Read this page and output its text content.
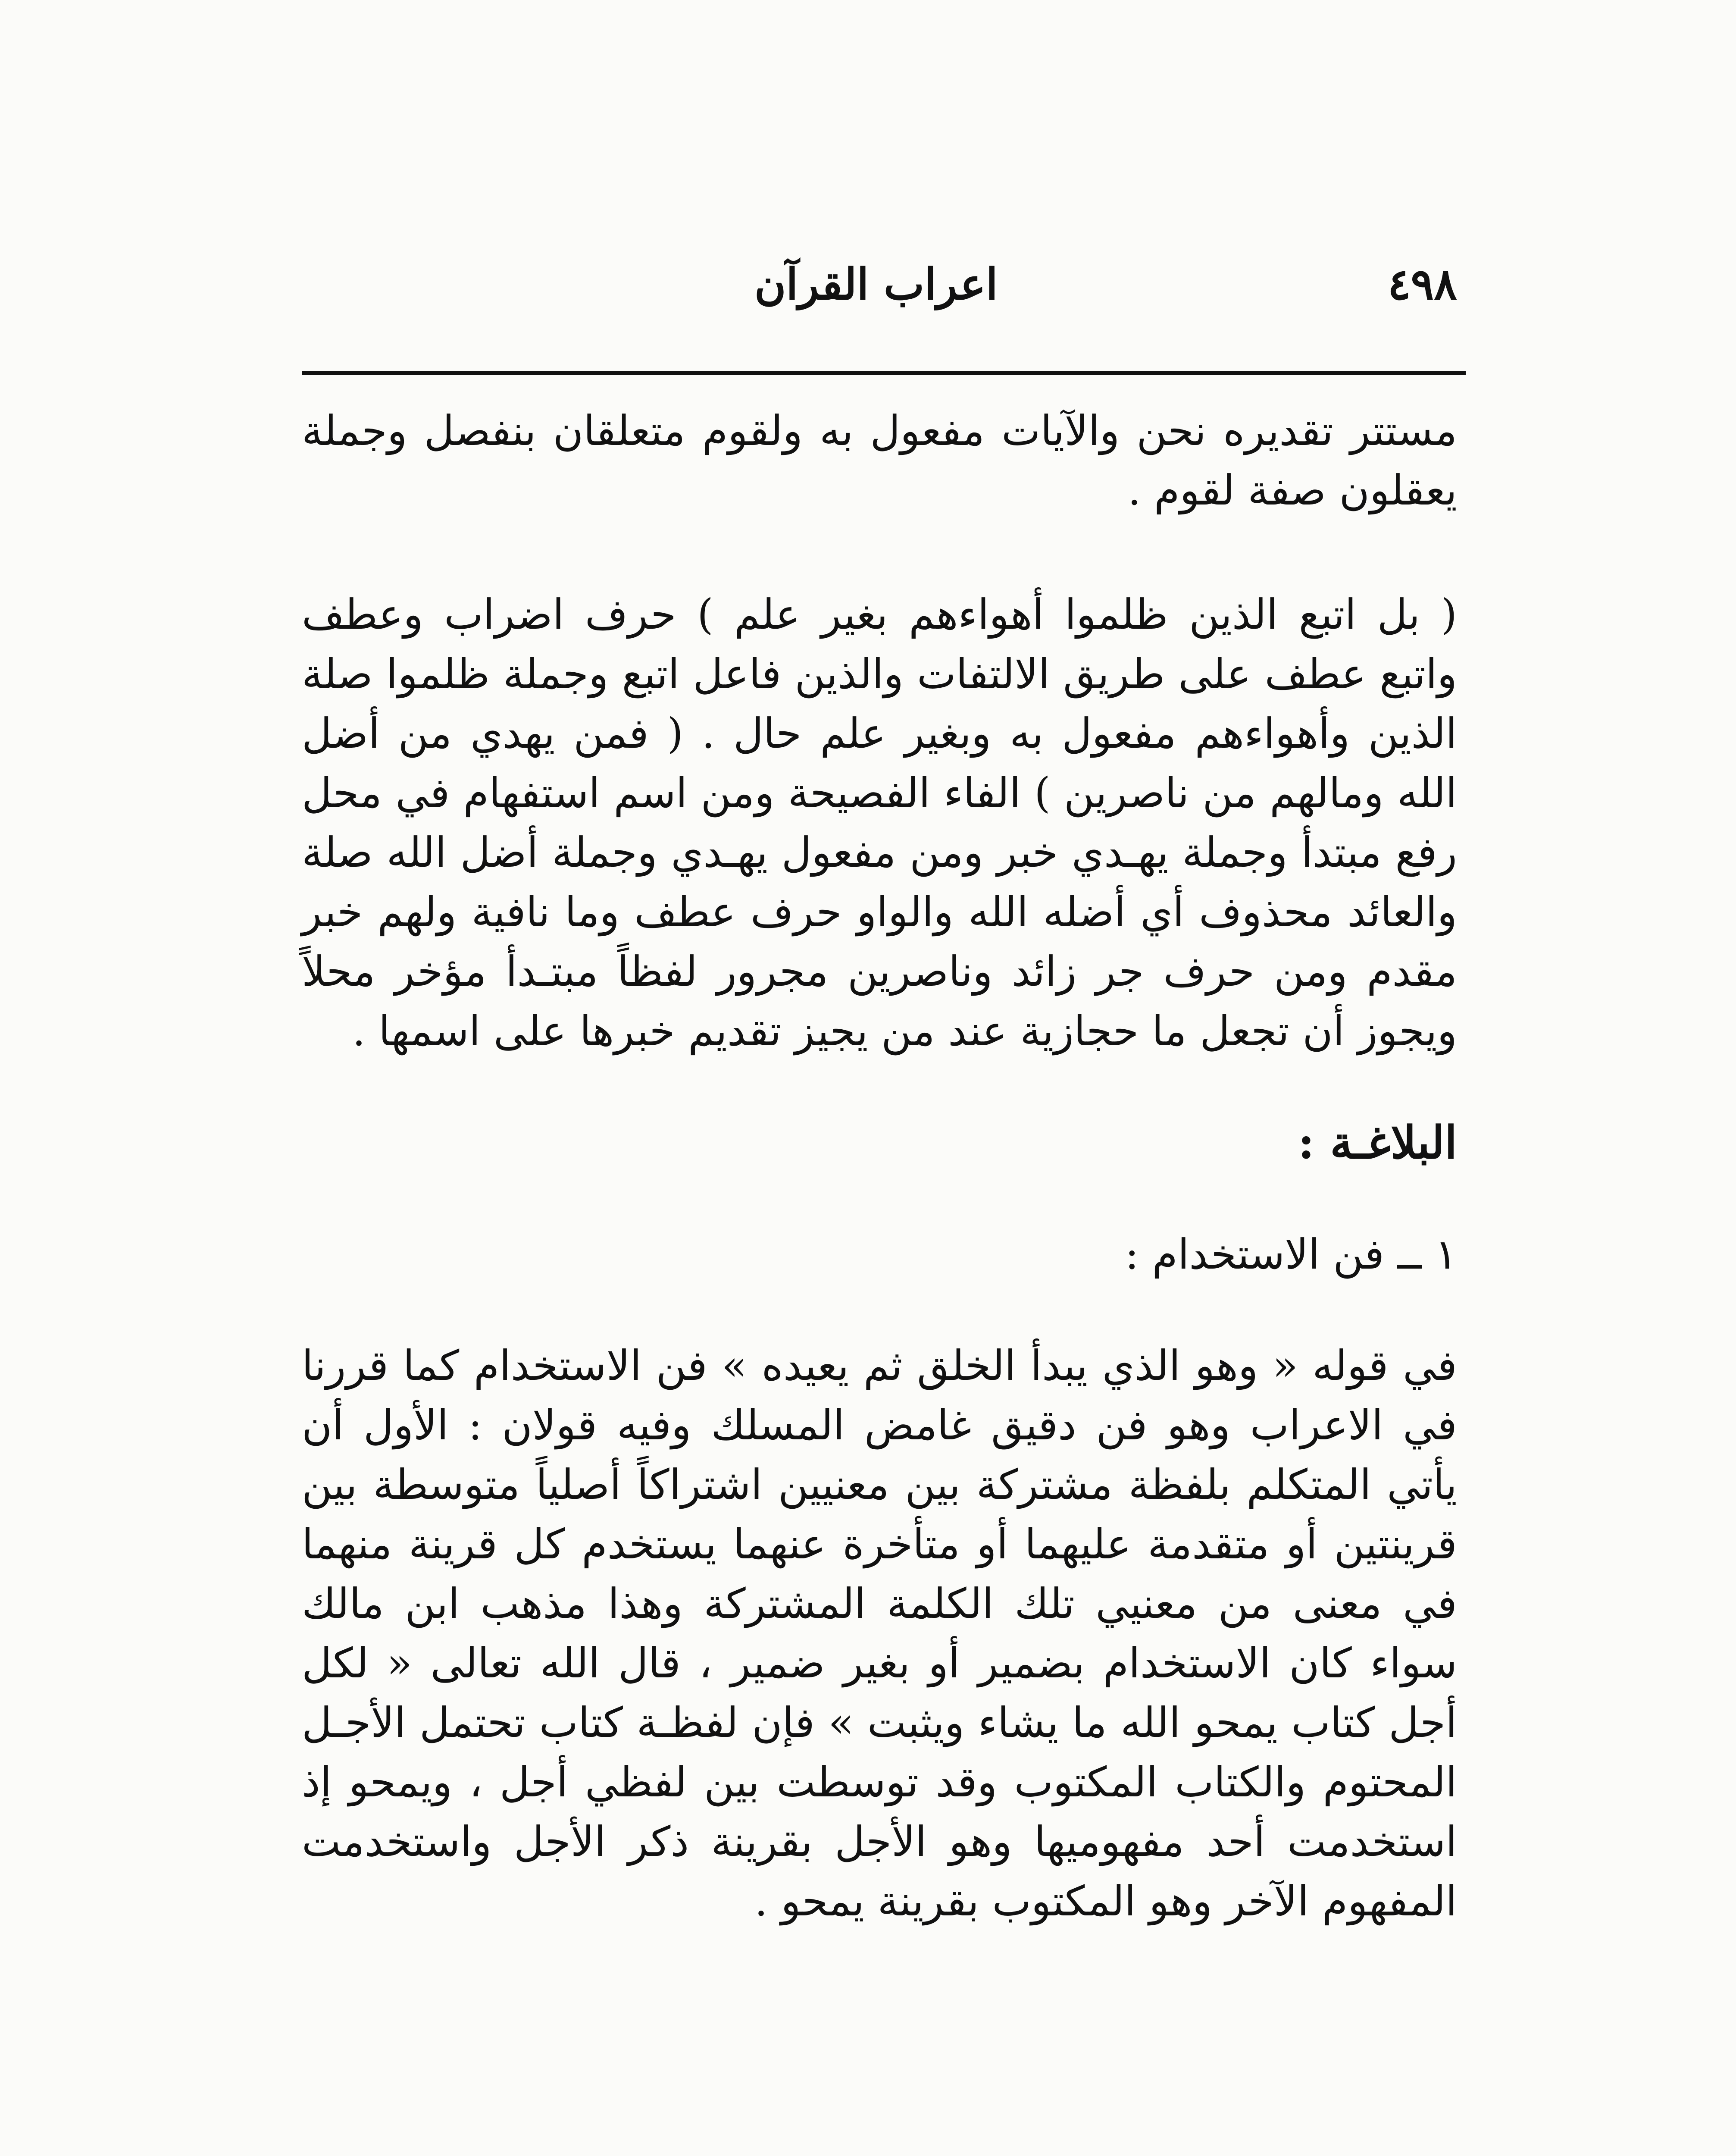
٤٩٨
اعراب القرآن

مستتر تقديره نحن والآيات مفعول به ولقوم متعلقان بنفصل وجملة يعقلون صفة لقوم .

( بل اتبع الذين ظلموا أهواءهم بغير علم ) حرف اضراب وعطف واتبع عطف على طريق الالتفات والذين فاعل اتبع وجملة ظلموا صلة الذين وأهواءهم مفعول به وبغير علم حال . ( فمن يهدي من أضل الله ومالهم من ناصرين ) الفاء الفصيحة ومن اسم استفهام في محل رفع مبتدأ وجملة يهـدي خبر ومن مفعول يهـدي وجملة أضل الله صلة والعائد محذوف أي أضله الله والواو حرف عطف وما نافية ولهم خبر مقدم ومن حرف جر زائد وناصرين مجرور لفظاً مبتـدأ مؤخر محلاً ويجوز أن تجعل ما حجازية عند من يجيز تقديم خبرها على اسمها .

البلاغـة :

١ ــ فن الاستخدام :

في قوله « وهو الذي يبدأ الخلق ثم يعيده » فن الاستخدام كما قررنا في الاعراب وهو فن دقيق غامض المسلك وفيه قولان : الأول أن يأتي المتكلم بلفظة مشتركة بين معنيين اشتراكاً أصلياً متوسطة بين قرينتين أو متقدمة عليهما أو متأخرة عنهما يستخدم كل قرينة منهما في معنى من معنيي تلك الكلمة المشتركة وهذا مذهب ابن مالك سواء كان الاستخدام بضمير أو بغير ضمير ، قال الله تعالى « لكل أجل كتاب يمحو الله ما يشاء ويثبت » فإن لفظـة كتاب تحتمل الأجـل المحتوم والكتاب المكتوب وقد توسطت بين لفظي أجل ، ويمحو إذ استخدمت أحد مفهوميها وهو الأجل بقرينة ذكر الأجل واستخدمت المفهوم الآخر وهو المكتوب بقرينة يمحو .
